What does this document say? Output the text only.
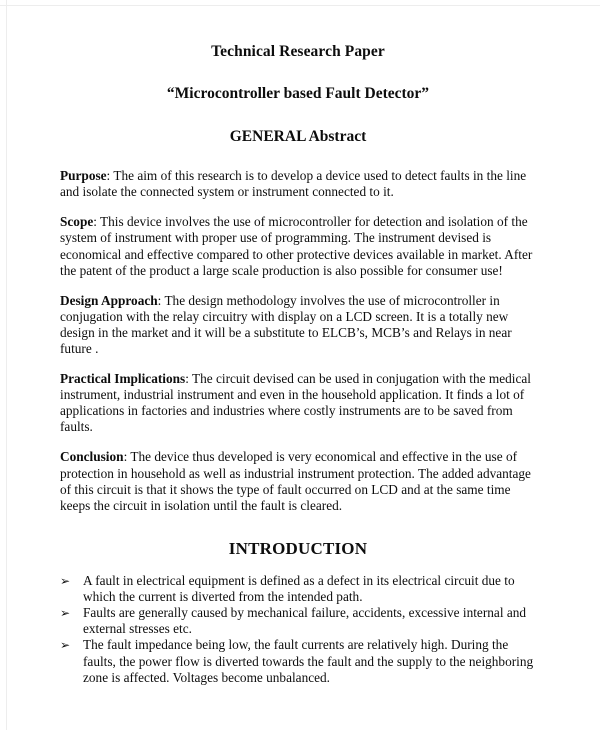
Technical Research Paper
“Microcontroller based Fault Detector”
GENERAL Abstract

Purpose: The aim of this research is to develop a device used to detect faults in the line and isolate the connected system or instrument connected to it.

Scope: This device involves the use of microcontroller for detection and isolation of the system of instrument with proper use of programming. The instrument devised is economical and effective compared to other protective devices available in market. After the patent of the product a large scale production is also possible for consumer use!

Design Approach: The design methodology involves the use of microcontroller in conjugation with the relay circuitry with display on a LCD screen. It is a totally new design in the market and it will be a substitute to ELCB’s, MCB’s and Relays in near future .

Practical Implications: The circuit devised can be used in conjugation with the medical instrument, industrial instrument and even in the household application. It finds a lot of applications in factories and industries where costly instruments are to be saved from faults.

Conclusion: The device thus developed is very economical and effective in the use of protection in household as well as industrial instrument protection. The added advantage of this circuit is that it shows the type of fault occurred on LCD and at the same time keeps the circuit in isolation until the fault is cleared.

INTRODUCTION
➢ A fault in electrical equipment is defined as a defect in its electrical circuit due to which the current is diverted from the intended path.
➢ Faults are generally caused by mechanical failure, accidents, excessive internal and external stresses etc.
➢ The fault impedance being low, the fault currents are relatively high. During the faults, the power flow is diverted towards the fault and the supply to the neighboring zone is affected. Voltages become unbalanced.
